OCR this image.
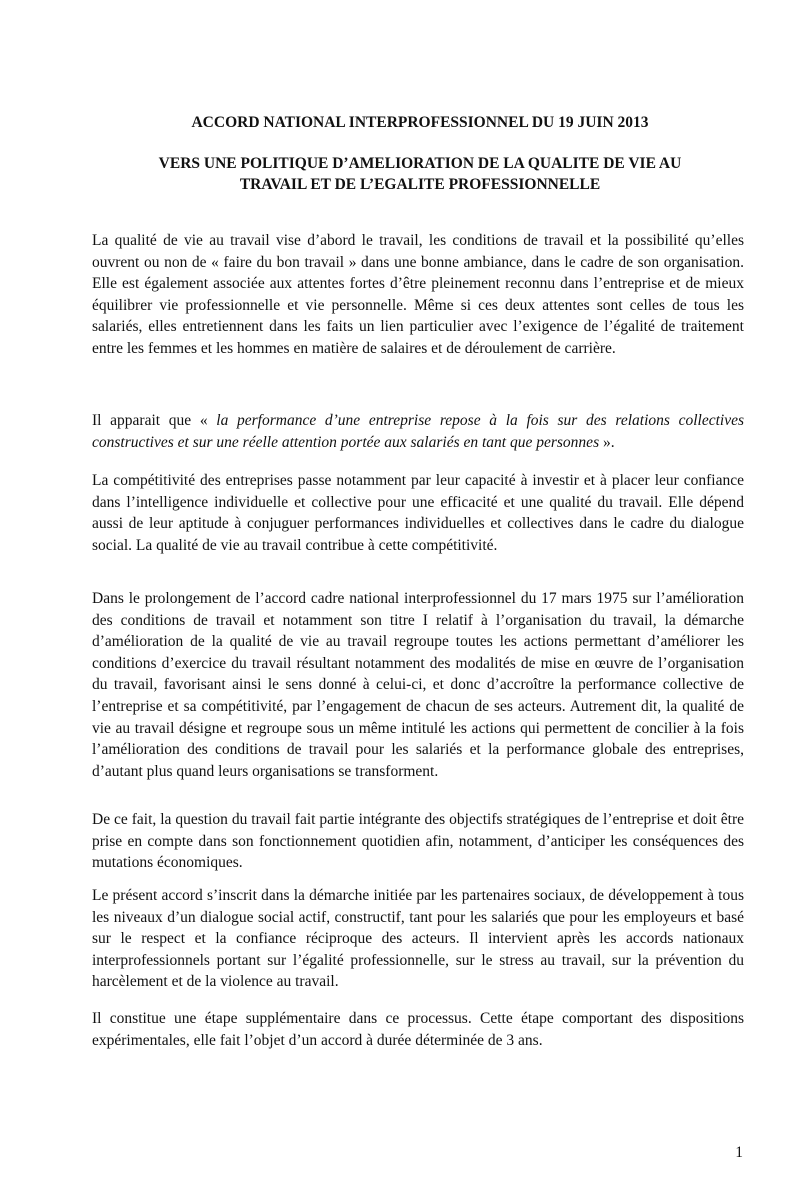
ACCORD NATIONAL INTERPROFESSIONNEL DU 19 JUIN 2013
VERS UNE POLITIQUE D’AMELIORATION DE LA QUALITE DE VIE AU
TRAVAIL ET DE L’EGALITE PROFESSIONNELLE

La qualité de vie au travail vise d’abord le travail, les conditions de travail et la possibilité qu’elles ouvrent ou non de « faire du bon travail » dans une bonne ambiance, dans le cadre de son organisation. Elle est également associée aux attentes fortes d’être pleinement reconnu dans l’entreprise et de mieux équilibrer vie professionnelle et vie personnelle. Même si ces deux attentes sont celles de tous les salariés, elles entretiennent dans les faits un lien particulier avec l’exigence de l’égalité de traitement entre les femmes et les hommes en matière de salaires et de déroulement de carrière.

Il apparait que « la performance d’une entreprise repose à la fois sur des relations collectives constructives et sur une réelle attention portée aux salariés en tant que personnes ».

La compétitivité des entreprises passe notamment par leur capacité à investir et à placer leur confiance dans l’intelligence individuelle et collective pour une efficacité et une qualité du travail. Elle dépend aussi de leur aptitude à conjuguer performances individuelles et collectives dans le cadre du dialogue social. La qualité de vie au travail contribue à cette compétitivité.

Dans le prolongement de l’accord cadre national interprofessionnel du 17 mars 1975 sur l’amélioration des conditions de travail et notamment son titre I relatif à l’organisation du travail, la démarche d’amélioration de la qualité de vie au travail regroupe toutes les actions permettant d’améliorer les conditions d’exercice du travail résultant notamment des modalités de mise en œuvre de l’organisation du travail, favorisant ainsi le sens donné à celui-ci, et donc d’accroître la performance collective de l’entreprise et sa compétitivité, par l’engagement de chacun de ses acteurs. Autrement dit, la qualité de vie au travail désigne et regroupe sous un même intitulé les actions qui permettent de concilier à la fois l’amélioration des conditions de travail pour les salariés et la performance globale des entreprises, d’autant plus quand leurs organisations se transforment.

De ce fait, la question du travail fait partie intégrante des objectifs stratégiques de l’entreprise et doit être prise en compte dans son fonctionnement quotidien afin, notamment, d’anticiper les conséquences des mutations économiques.

Le présent accord s’inscrit dans la démarche initiée par les partenaires sociaux, de développement à tous les niveaux d’un dialogue social actif, constructif, tant pour les salariés que pour les employeurs et basé sur le respect et la confiance réciproque des acteurs. Il intervient après les accords nationaux interprofessionnels portant sur l’égalité professionnelle, sur le stress au travail, sur la prévention du harcèlement et de la violence au travail.

Il constitue une étape supplémentaire dans ce processus. Cette étape comportant des dispositions expérimentales, elle fait l’objet d’un accord à durée déterminée de 3 ans.

1
